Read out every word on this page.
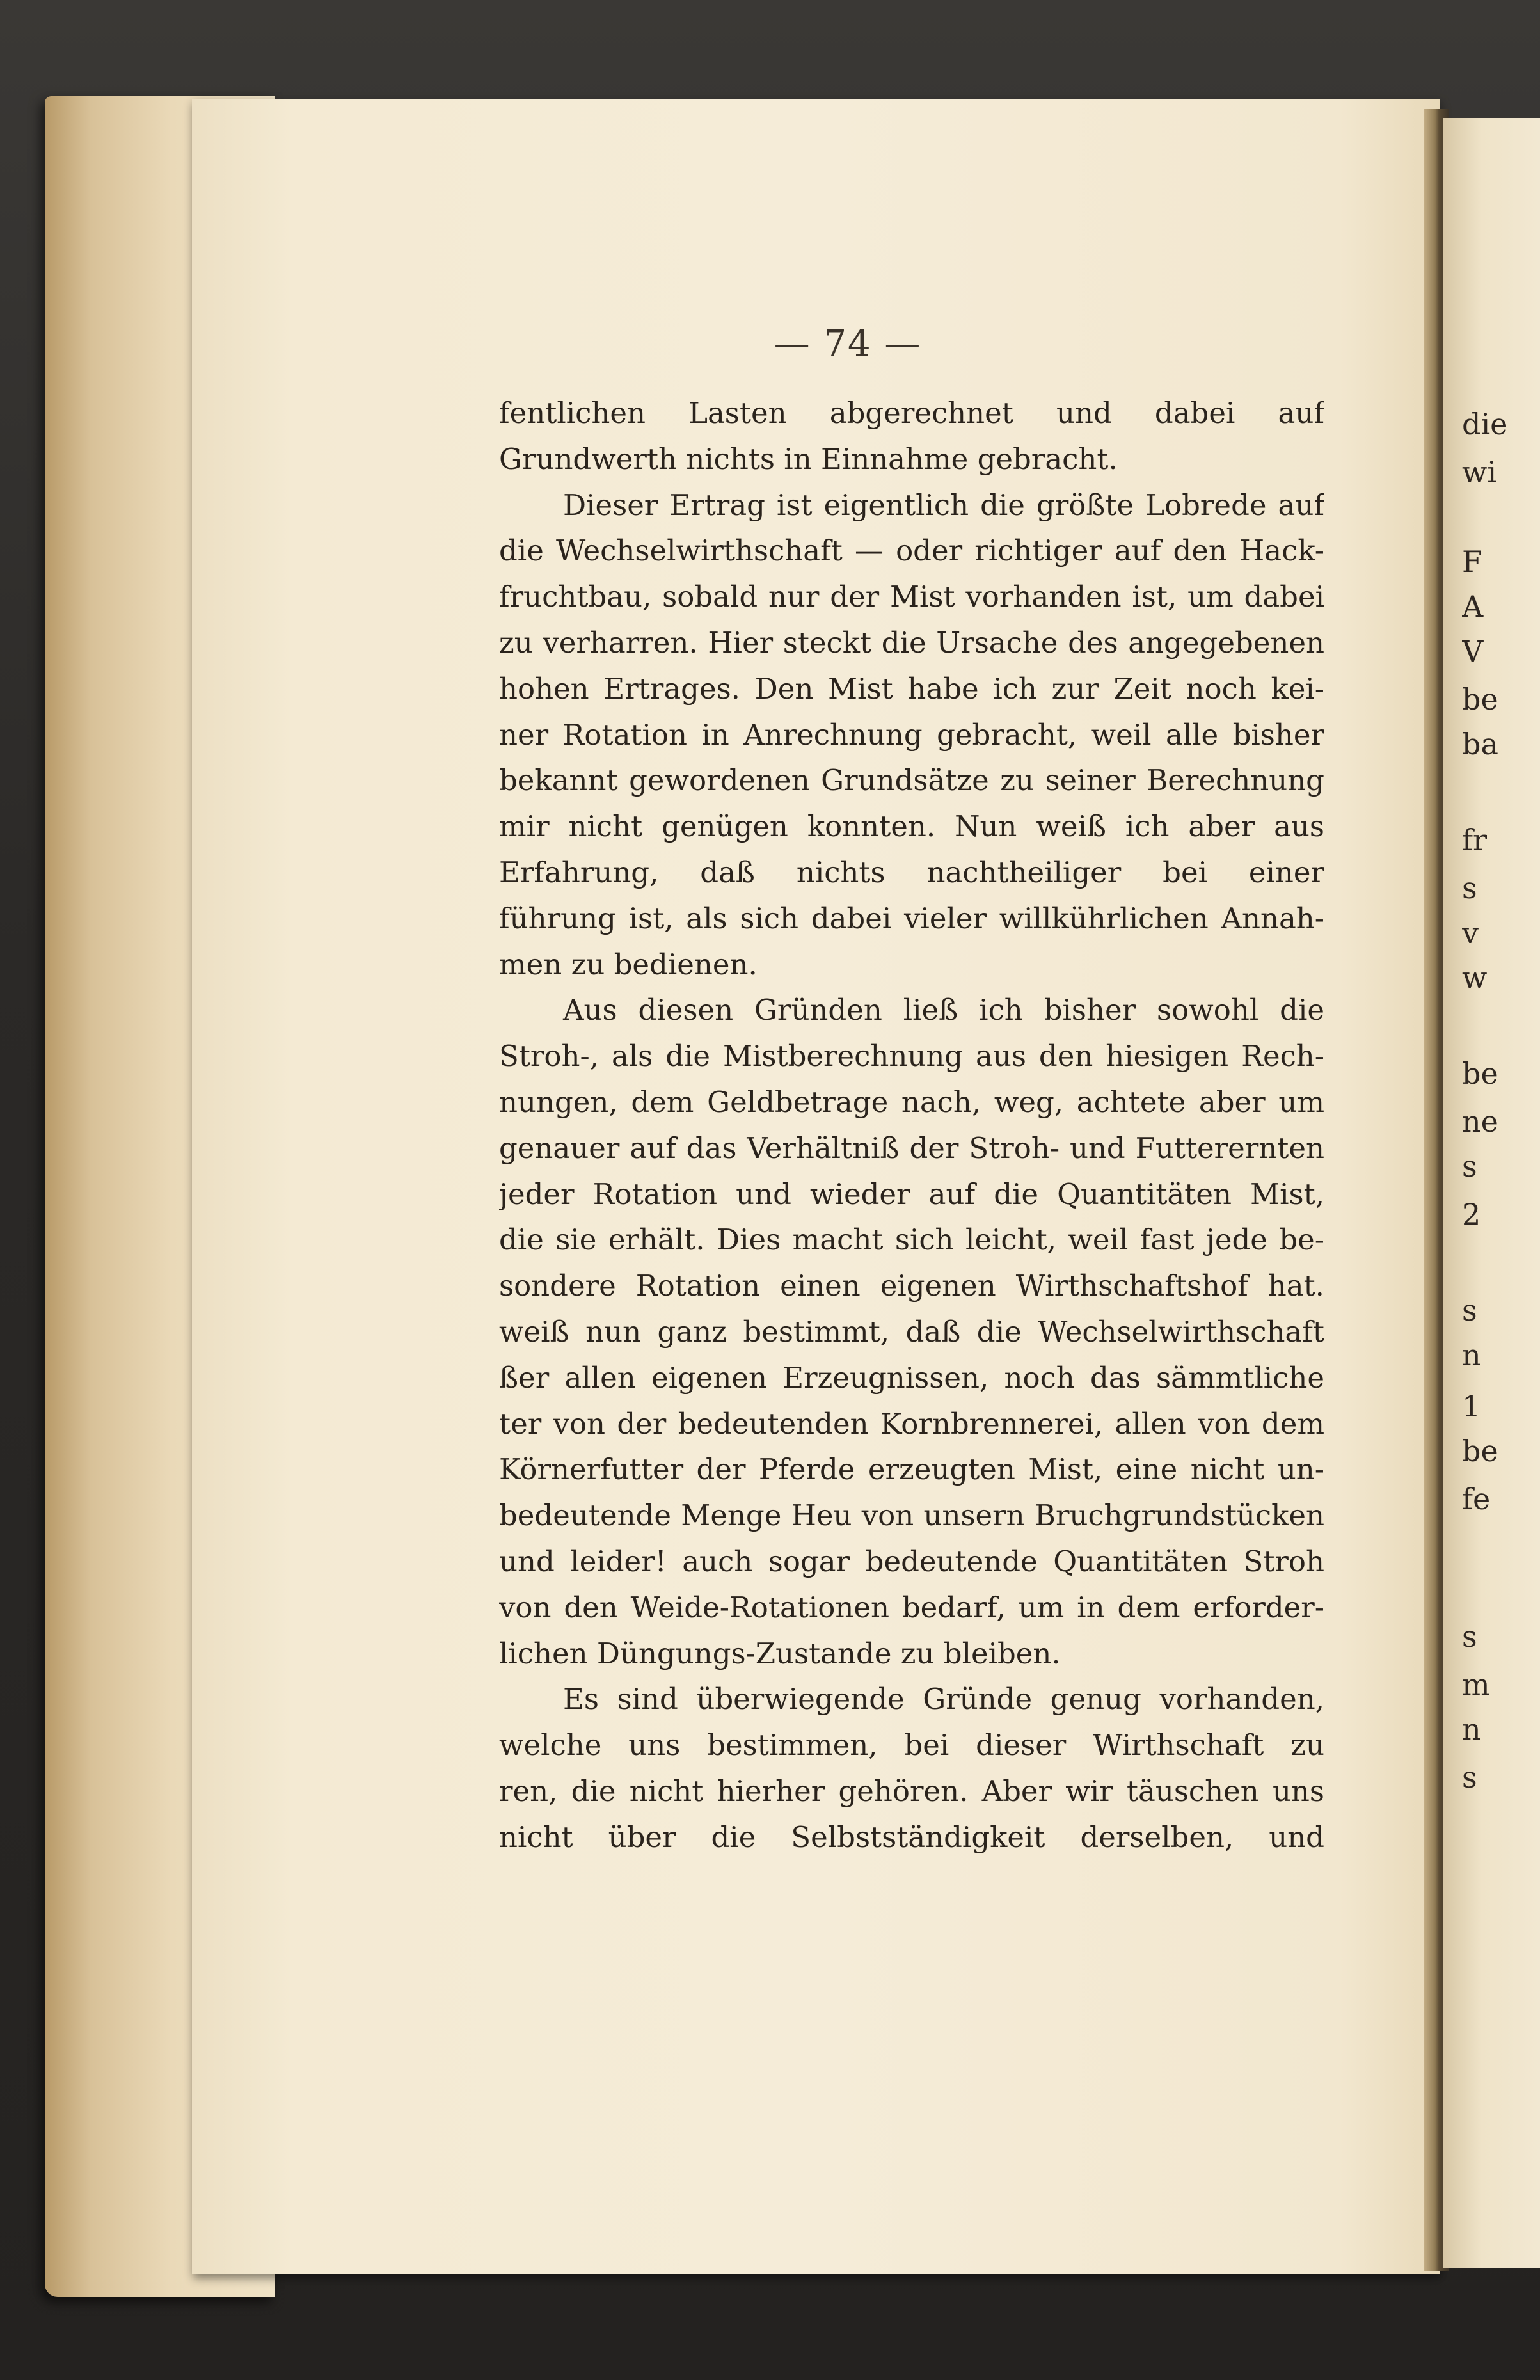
die
wi
F
A
V
be
ba
fr
s
v
w
be
ne
s
2
s
n
1
be
fe
s
m
n
s
— 74 —
fentlichen Lasten abgerechnet und dabei auf
Grundwerth nichts in Einnahme gebracht.
Dieser Ertrag ist eigentlich die größte Lobrede auf
die Wechselwirthschaft — oder richtiger auf den Hack-
fruchtbau, sobald nur der Mist vorhanden ist, um dabei
zu verharren. Hier steckt die Ursache des angegebenen
hohen Ertrages. Den Mist habe ich zur Zeit noch kei-
ner Rotation in Anrechnung gebracht, weil alle bisher
bekannt gewordenen Grundsätze zu seiner Berechnung
mir nicht genügen konnten. Nun weiß ich aber aus
Erfahrung, daß nichts nachtheiliger bei einer
führung ist, als sich dabei vieler willkührlichen Annah-
men zu bedienen.
Aus diesen Gründen ließ ich bisher sowohl die
Stroh-, als die Mistberechnung aus den hiesigen Rech-
nungen, dem Geldbetrage nach, weg, achtete aber um
genauer auf das Verhältniß der Stroh- und Futterernten
jeder Rotation und wieder auf die Quantitäten Mist,
die sie erhält. Dies macht sich leicht, weil fast jede be-
sondere Rotation einen eigenen Wirthschaftshof hat.
weiß nun ganz bestimmt, daß die Wechselwirthschaft
ßer allen eigenen Erzeugnissen, noch das sämmtliche
ter von der bedeutenden Kornbrennerei, allen von dem
Körnerfutter der Pferde erzeugten Mist, eine nicht un-
bedeutende Menge Heu von unsern Bruchgrundstücken
und leider! auch sogar bedeutende Quantitäten Stroh
von den Weide-Rotationen bedarf, um in dem erforder-
lichen Düngungs-Zustande zu bleiben.
Es sind überwiegende Gründe genug vorhanden,
welche uns bestimmen, bei dieser Wirthschaft zu
ren, die nicht hierher gehören. Aber wir täuschen uns
nicht über die Selbstständigkeit derselben, und
